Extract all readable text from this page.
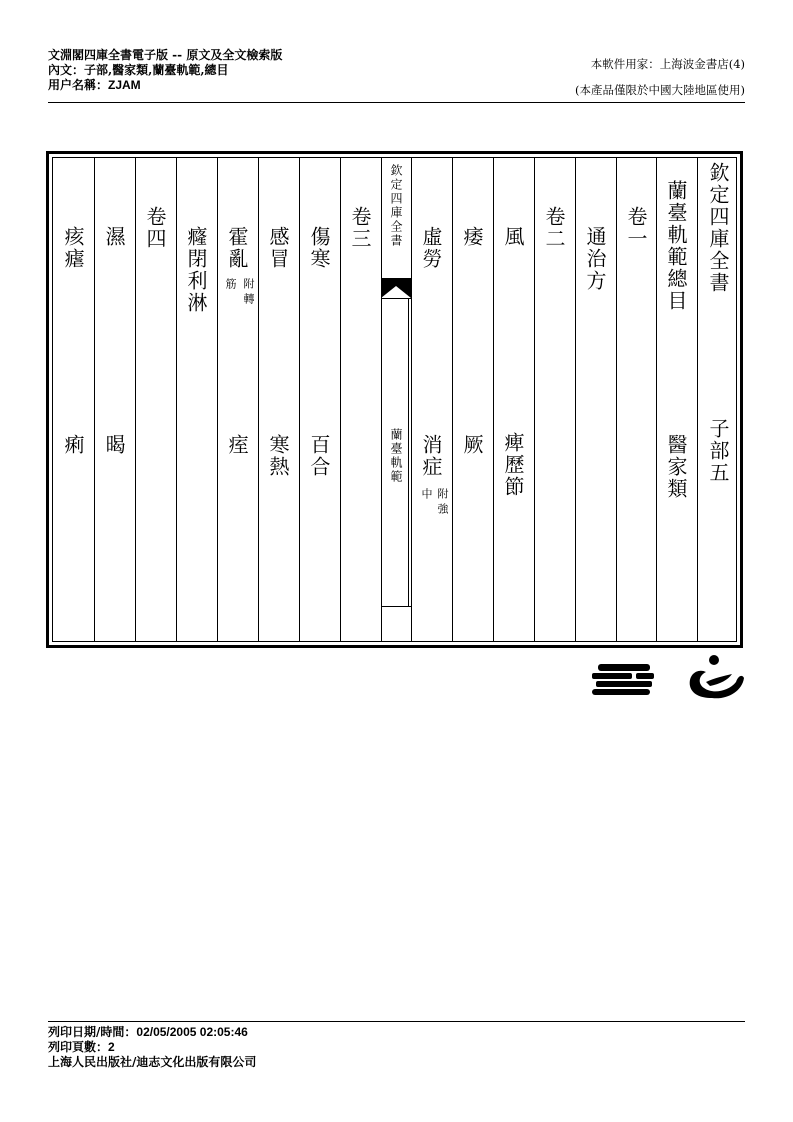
文淵閣四庫全書電子版 -- 原文及全文檢索版
內文：子部,醫家類,蘭臺軌範,總目
用户名稱：ZJAM
本軟件用家：上海波金書店(4)
(本產品僅限於中國大陸地區使用)
欽定四庫全書
子部五
蘭臺軌範總目
醫家類
卷一
通治方
卷二
風
痺歷節
痿
厥
虛勞
消症
附強
中
欽定四庫全書
蘭臺軌範
卷三
傷寒
百合
感冒
寒熱
霍亂
附轉
筋
痓
癃閉利淋
卷四
濕
暍
痎瘧
痢
列印日期/時間：02/05/2005 02:05:46
列印頁數：2
上海人民出版社/迪志文化出版有限公司
